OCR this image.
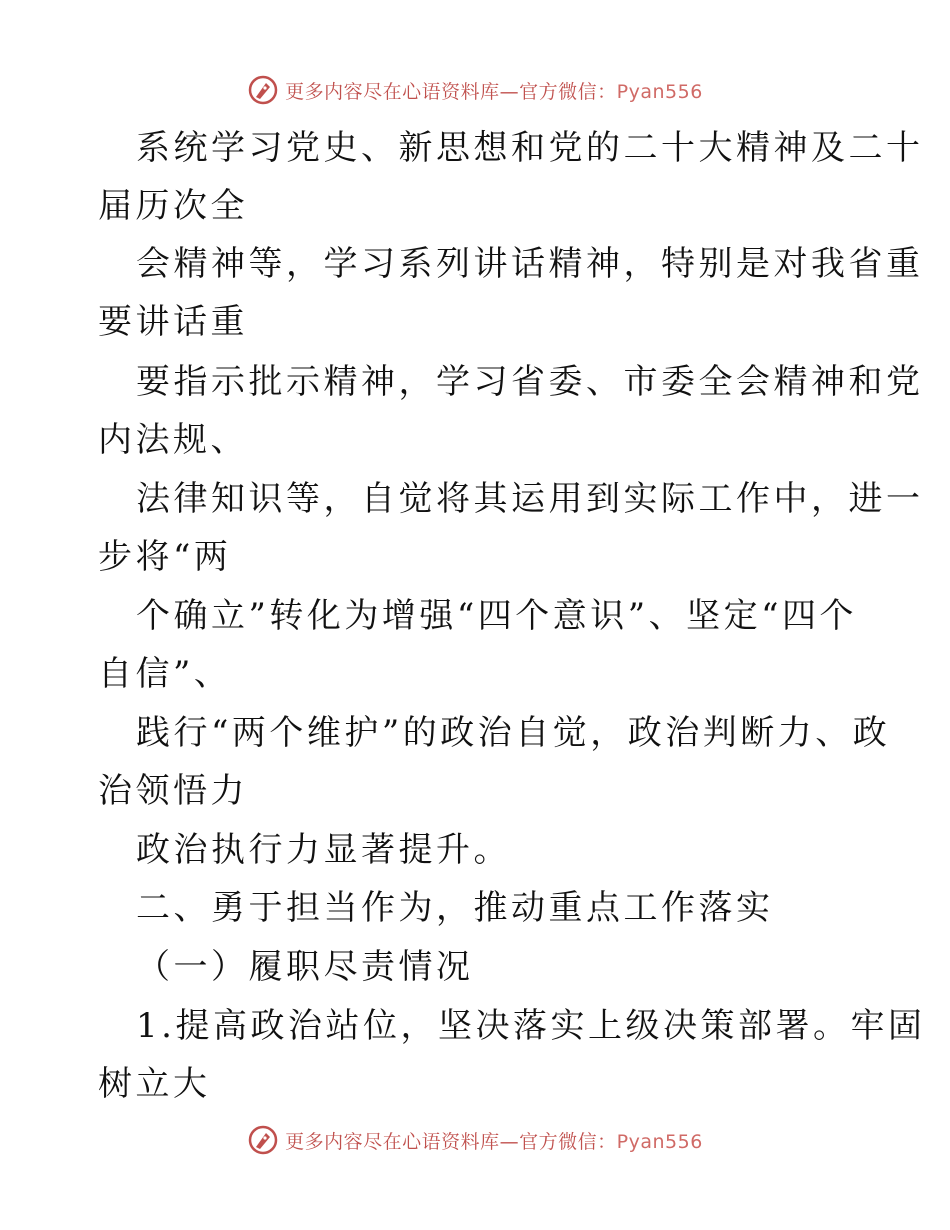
更多内容尽在心语资料库—官方微信：Pyan556
系统学习党史、新思想和党的二十大精神及二十
届历次全
会精神等，学习系列讲话精神，特别是对我省重
要讲话重
要指示批示精神，学习省委、市委全会精神和党
内法规、
法律知识等，自觉将其运用到实际工作中，进一
步将“两
个确立”转化为增强“四个意识”、坚定“四个
自信”、
践行“两个维护”的政治自觉，政治判断力、政
治领悟力
政治执行力显著提升。
二、勇于担当作为，推动重点工作落实
（一）履职尽责情况
1.提高政治站位，坚决落实上级决策部署。牢固
树立大
更多内容尽在心语资料库—官方微信：Pyan556
